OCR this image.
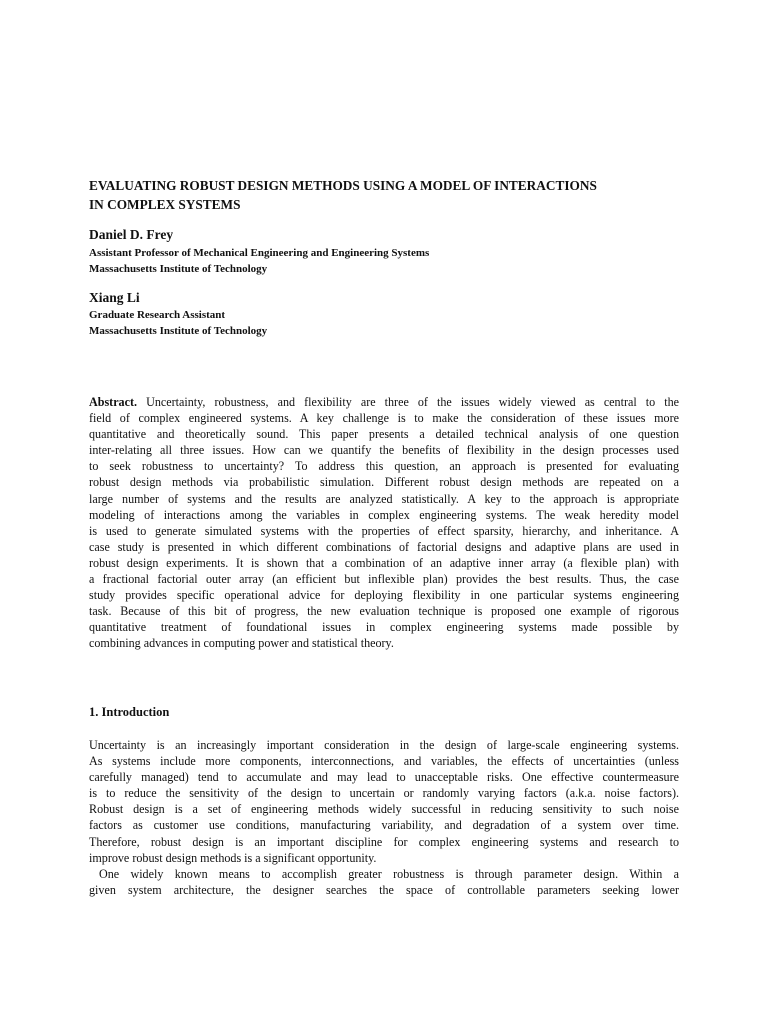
EVALUATING ROBUST DESIGN METHODS USING A MODEL OF INTERACTIONS
IN COMPLEX SYSTEMS

Daniel D. Frey

Assistant Professor of Mechanical Engineering and Engineering Systems
Massachusetts Institute of Technology

Xiang Li

Graduate Research Assistant
Massachusetts Institute of Technology
Abstract. Uncertainty, robustness, and flexibility are three of the issues widely viewed as central to the
field of complex engineered systems. A key challenge is to make the consideration of these issues more
quantitative and theoretically sound. This paper presents a detailed technical analysis of one question
inter-relating all three issues. How can we quantify the benefits of flexibility in the design processes used
to seek robustness to uncertainty? To address this question, an approach is presented for evaluating
robust design methods via probabilistic simulation. Different robust design methods are repeated on a
large number of systems and the results are analyzed statistically. A key to the approach is appropriate
modeling of interactions among the variables in complex engineering systems. The weak heredity model
is used to generate simulated systems with the properties of effect sparsity, hierarchy, and inheritance. A
case study is presented in which different combinations of factorial designs and adaptive plans are used in
robust design experiments. It is shown that a combination of an adaptive inner array (a flexible plan) with
a fractional factorial outer array (an efficient but inflexible plan) provides the best results. Thus, the case
study provides specific operational advice for deploying flexibility in one particular systems engineering
task. Because of this bit of progress, the new evaluation technique is proposed one example of rigorous
quantitative treatment of foundational issues in complex engineering systems made possible by
combining advances in computing power and statistical theory.
1. Introduction
Uncertainty is an increasingly important consideration in the design of large-scale engineering systems.
As systems include more components, interconnections, and variables, the effects of uncertainties (unless
carefully managed) tend to accumulate and may lead to unacceptable risks. One effective countermeasure
is to reduce the sensitivity of the design to uncertain or randomly varying factors (a.k.a. noise factors).
Robust design is a set of engineering methods widely successful in reducing sensitivity to such noise
factors as customer use conditions, manufacturing variability, and degradation of a system over time.
Therefore, robust design is an important discipline for complex engineering systems and research to
improve robust design methods is a significant opportunity.
One widely known means to accomplish greater robustness is through parameter design. Within a
given system architecture, the designer searches the space of controllable parameters seeking lower
